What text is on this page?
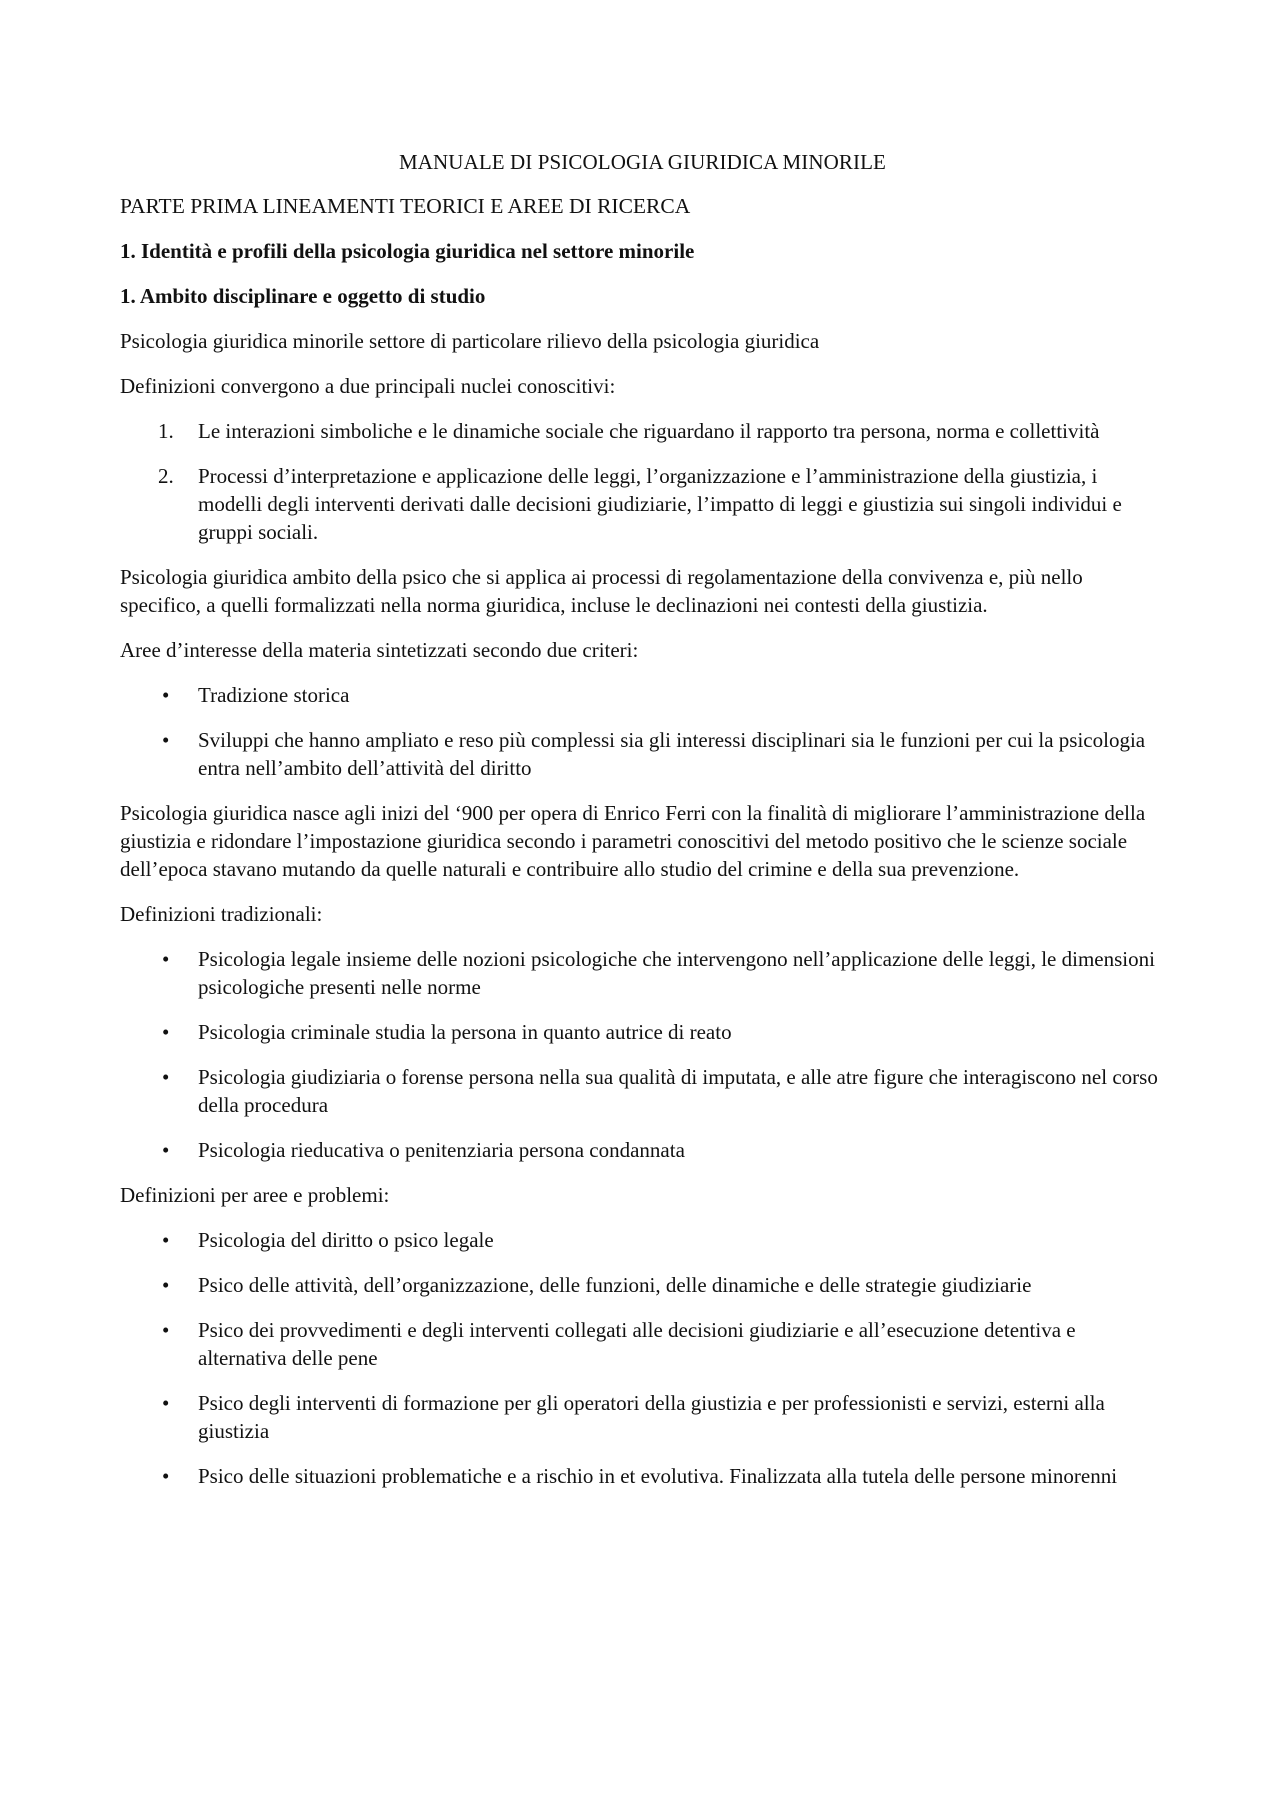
MANUALE DI PSICOLOGIA GIURIDICA MINORILE
PARTE PRIMA LINEAMENTI TEORICI E AREE DI RICERCA
1. Identità e profili della psicologia giuridica nel settore minorile
1. Ambito disciplinare e oggetto di studio

Psicologia giuridica minorile settore di particolare rilievo della psicologia giuridica

Definizioni convergono a due principali nuclei conoscitivi:

1. Le interazioni simboliche e le dinamiche sociale che riguardano il rapporto tra persona, norma e collettività
2. Processi d’interpretazione e applicazione delle leggi, l’organizzazione e l’amministrazione della giustizia, i modelli degli interventi derivati dalle decisioni giudiziarie, l’impatto di leggi e giustizia sui singoli individui e gruppi sociali.

Psicologia giuridica ambito della psico che si applica ai processi di regolamentazione della convivenza e, più nello specifico, a quelli formalizzati nella norma giuridica, incluse le declinazioni nei contesti della giustizia.

Aree d’interesse della materia sintetizzati secondo due criteri:

• Tradizione storica
• Sviluppi che hanno ampliato e reso più complessi sia gli interessi disciplinari sia le funzioni per cui la psicologia entra nell’ambito dell’attività del diritto

Psicologia giuridica nasce agli inizi del ‘900 per opera di Enrico Ferri con la finalità di migliorare l’amministrazione della giustizia e ridondare l’impostazione giuridica secondo i parametri conoscitivi del metodo positivo che le scienze sociale dell’epoca stavano mutando da quelle naturali e contribuire allo studio del crimine e della sua prevenzione.

Definizioni tradizionali:

• Psicologia legale insieme delle nozioni psicologiche che intervengono nell’applicazione delle leggi, le dimensioni psicologiche presenti nelle norme
• Psicologia criminale studia la persona in quanto autrice di reato
• Psicologia giudiziaria o forense persona nella sua qualità di imputata, e alle atre figure che interagiscono nel corso della procedura
• Psicologia rieducativa o penitenziaria persona condannata

Definizioni per aree e problemi:

• Psicologia del diritto o psico legale
• Psico delle attività, dell’organizzazione, delle funzioni, delle dinamiche e delle strategie giudiziarie
• Psico dei provvedimenti e degli interventi collegati alle decisioni giudiziarie e all’esecuzione detentiva e alternativa delle pene
• Psico degli interventi di formazione per gli operatori della giustizia e per professionisti e servizi, esterni alla giustizia
• Psico delle situazioni problematiche e a rischio in et evolutiva. Finalizzata alla tutela delle persone minorenni
